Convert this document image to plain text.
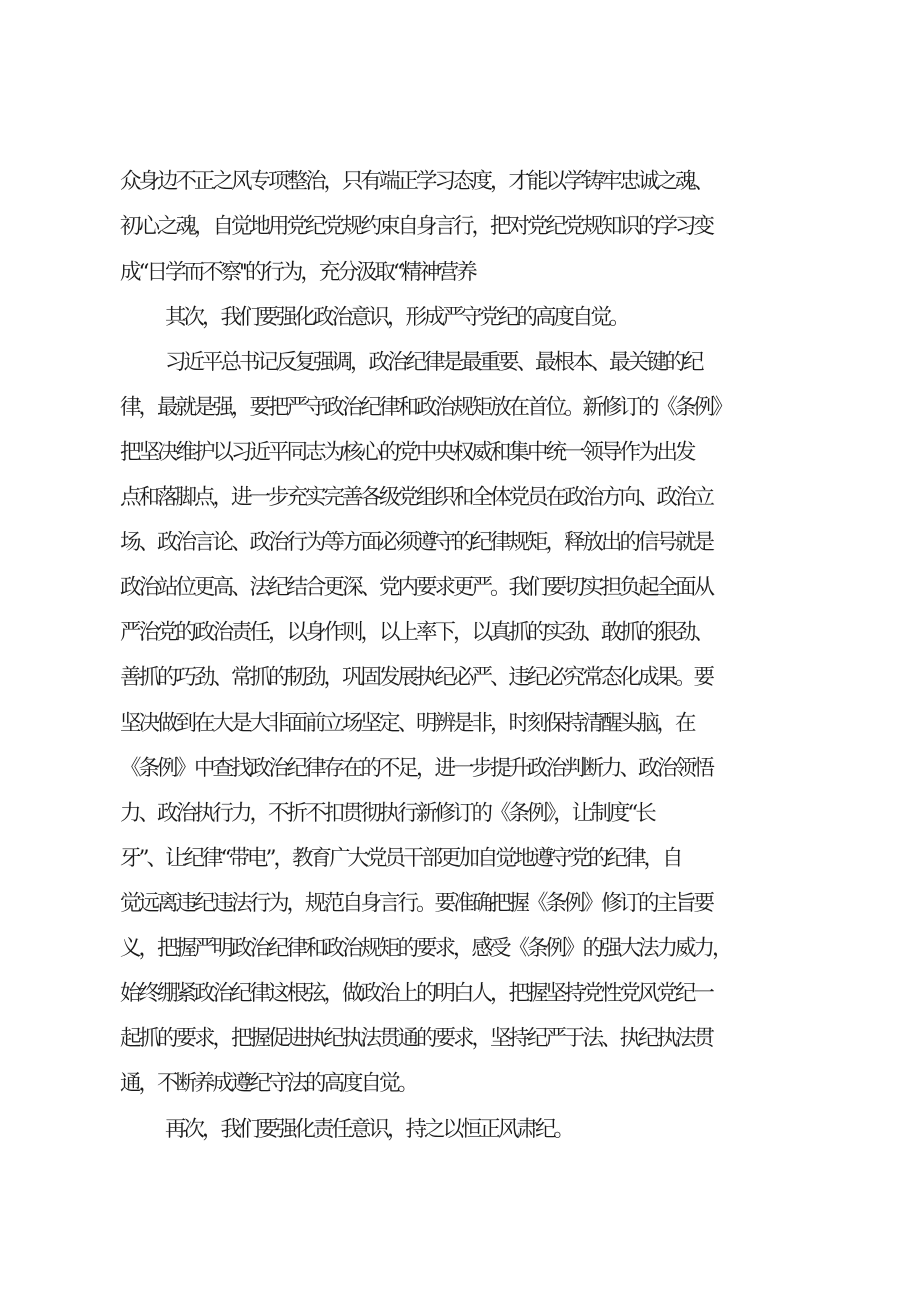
众身边不正之风专项整治，只有端正学习态度，才能以学铸牢忠诚之魂、
初心之魂，自觉地用党纪党规约束自身言行，把对党纪党规知识的学习变
成“日学而不察''的行为，充分汲取“精神营养
其次，我们要强化政治意识，形成严守党纪的高度自觉。
习近平总书记反复强调，政治纪律是最重要、最根本、最关键的纪
律，最就是强，要把严守政治纪律和政治规矩放在首位。新修订的《条例》
把坚决维护以习近平同志为核心的党中央权威和集中统一领导作为出发
点和落脚点，进一步充实完善各级党组织和全体党员在政治方向、政治立
场、政治言论、政治行为等方面必须遵守的纪律规矩，释放出的信号就是
政治站位更高、法纪结合更深、党内要求更严。我们要切实担负起全面从
严治党的政治责任，以身作则，以上率下，以真抓的实劲、敢抓的狠劲、
善抓的巧劲、常抓的韧劲，巩固发展执纪必严、违纪必究常态化成果。要
坚决做到在大是大非面前立场坚定、明辨是非，时刻保持清醒头脑，在
《条例》中查找政治纪律存在的不足，进一步提升政治判断力、政治领悟
力、政治执行力，不折不扣贯彻执行新修订的《条例》，让制度“长
牙”、让纪律“带电”，教育广大党员干部更加自觉地遵守党的纪律，自
觉远离违纪违法行为，规范自身言行。要准确把握《条例》修订的主旨要
义，把握严明政治纪律和政治规矩的要求，感受《条例》的强大法力威力，
始终绷紧政治纪律这根弦，做政治上的明白人，把握坚持党性党风党纪一
起抓的要求，把握促进执纪执法贯通的要求，坚持纪严于法、执纪执法贯
通，不断养成遵纪守法的高度自觉。
再次，我们要强化责任意识，持之以恒正风肃纪。
